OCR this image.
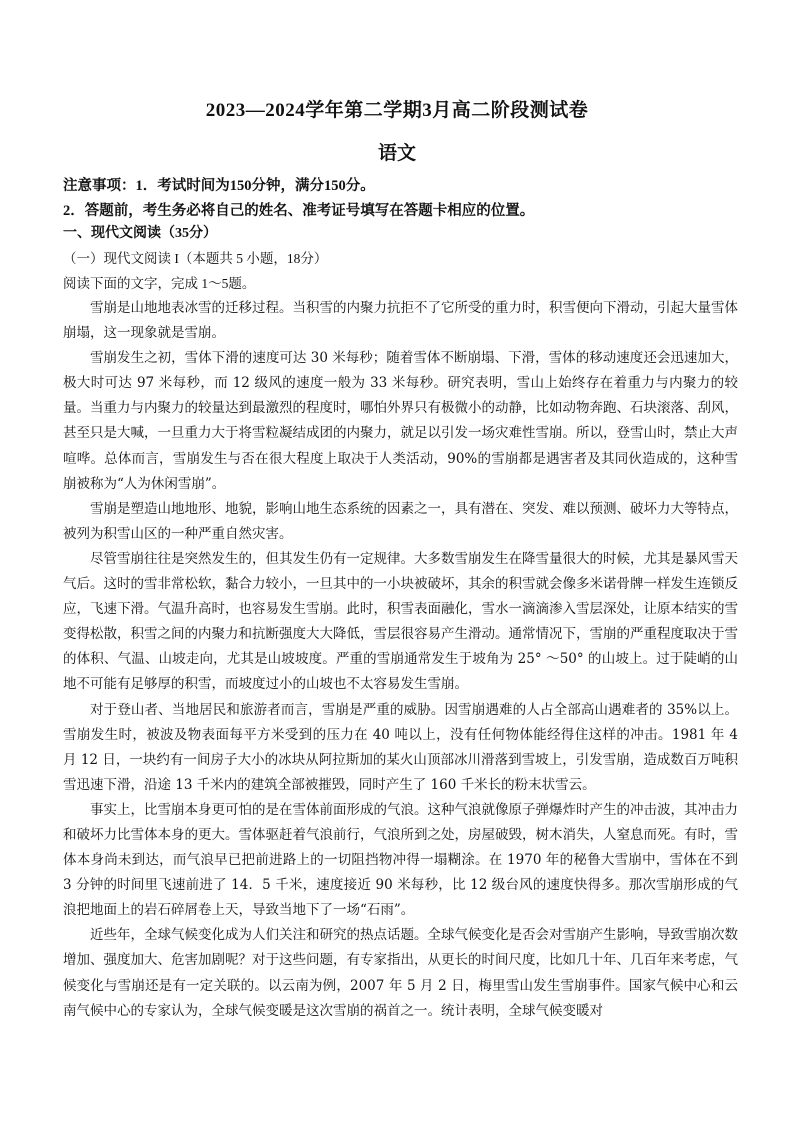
2023—2024学年第二学期3月高二阶段测试卷
语文
注意事项：1．考试时间为150分钟，满分150分。
2．答题前，考生务必将自己的姓名、准考证号填写在答题卡相应的位置。
一、现代文阅读（35分）
（一）现代文阅读 I（本题共 5 小题，18分）
阅读下面的文字，完成 1～5题。

雪崩是山地地表冰雪的迁移过程。当积雪的内聚力抗拒不了它所受的重力时，积雪便向下滑动，引起大量雪体崩塌，这一现象就是雪崩。

雪崩发生之初，雪体下滑的速度可达 30 米每秒；随着雪体不断崩塌、下滑，雪体的移动速度还会迅速加大，极大时可达 97 米每秒，而 12 级风的速度一般为 33 米每秒。研究表明，雪山上始终存在着重力与内聚力的较量。当重力与内聚力的较量达到最激烈的程度时，哪怕外界只有极微小的动静，比如动物奔跑、石块滚落、刮风，甚至只是大喊，一旦重力大于将雪粒凝结成团的内聚力，就足以引发一场灾难性雪崩。所以，登雪山时，禁止大声喧哗。总体而言，雪崩发生与否在很大程度上取决于人类活动，90%的雪崩都是遇害者及其同伙造成的，这种雪崩被称为“人为休闲雪崩”。

雪崩是塑造山地地形、地貌，影响山地生态系统的因素之一，具有潜在、突发、难以预测、破坏力大等特点，被列为积雪山区的一种严重自然灾害。

尽管雪崩往往是突然发生的，但其发生仍有一定规律。大多数雪崩发生在降雪量很大的时候，尤其是暴风雪天气后。这时的雪非常松软，黏合力较小，一旦其中的一小块被破坏，其余的积雪就会像多米诺骨牌一样发生连锁反应，飞速下滑。气温升高时，也容易发生雪崩。此时，积雪表面融化，雪水一滴滴渗入雪层深处，让原本结实的雪变得松散，积雪之间的内聚力和抗断强度大大降低，雪层很容易产生滑动。通常情况下，雪崩的严重程度取决于雪的体积、气温、山坡走向，尤其是山坡坡度。严重的雪崩通常发生于坡角为 25° ～50° 的山坡上。过于陡峭的山地不可能有足够厚的积雪，而坡度过小的山坡也不太容易发生雪崩。

对于登山者、当地居民和旅游者而言，雪崩是严重的威胁。因雪崩遇难的人占全部高山遇难者的 35%以上。雪崩发生时，被波及物表面每平方米受到的压力在 40 吨以上，没有任何物体能经得住这样的冲击。1981 年 4 月 12 日，一块约有一间房子大小的冰块从阿拉斯加的某火山顶部冰川滑落到雪坡上，引发雪崩，造成数百万吨积雪迅速下滑，沿途 13 千米内的建筑全部被摧毁，同时产生了 160 千米长的粉末状雪云。

事实上，比雪崩本身更可怕的是在雪体前面形成的气浪。这种气浪就像原子弹爆炸时产生的冲击波，其冲击力和破坏力比雪体本身的更大。雪体驱赶着气浪前行，气浪所到之处，房屋破毁，树木消失，人窒息而死。有时，雪体本身尚未到达，而气浪早已把前进路上的一切阻挡物冲得一塌糊涂。在 1970 年的秘鲁大雪崩中，雪体在不到 3 分钟的时间里飞速前进了 14．5 千米，速度接近 90 米每秒，比 12 级台风的速度快得多。那次雪崩形成的气浪把地面上的岩石碎屑卷上天，导致当地下了一场“石雨”。

近些年，全球气候变化成为人们关注和研究的热点话题。全球气候变化是否会对雪崩产生影响，导致雪崩次数增加、强度加大、危害加剧呢？对于这些问题，有专家指出，从更长的时间尺度，比如几十年、几百年来考虑，气候变化与雪崩还是有一定关联的。以云南为例，2007 年 5 月 2 日，梅里雪山发生雪崩事件。国家气候中心和云南气候中心的专家认为，全球气候变暖是这次雪崩的祸首之一。统计表明，全球气候变暖对
